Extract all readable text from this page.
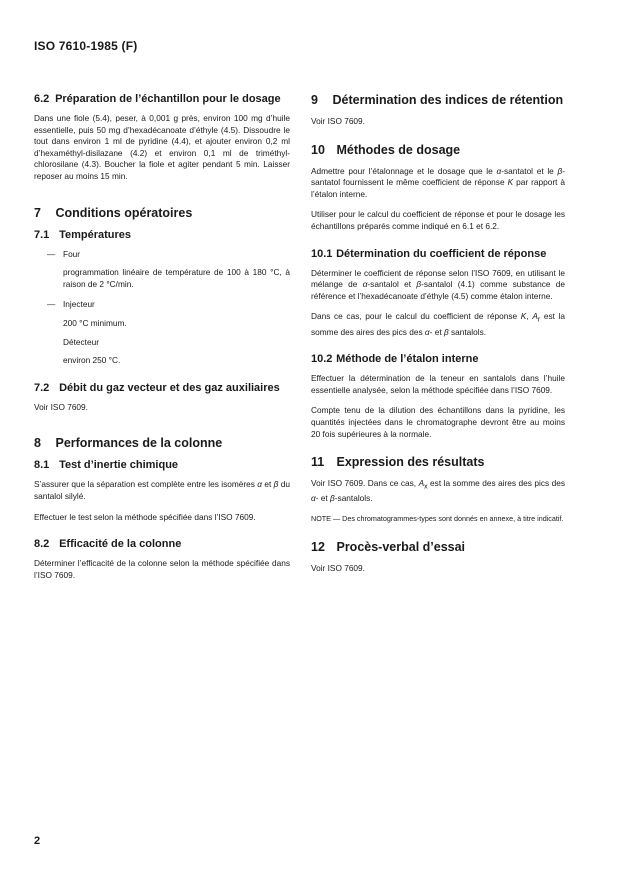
ISO 7610-1985 (F)
6.2 Préparation de l’échantillon pour le dosage

Dans une fiole (5.4), peser, à 0,001 g près, environ 100 mg d’huile essentielle, puis 50 mg d’hexadécanoate d’éthyle (4.5). Dissoudre le tout dans environ 1 ml de pyridine (4.4), et ajouter environ 0,2 ml d’hexaméthyl-disilazane (4.2) et environ 0,1 ml de triméthyl-chlorosilane (4.3). Boucher la fiole et agiter pendant 5 min. Laisser reposer au moins 15 min.

7 Conditions opératoires
7.1 Températures
— Four

programmation linéaire de température de 100 à 180 °C, à raison de 2 °C/min.

— Injecteur

200 °C minimum.

Détecteur

environ 250 °C.

7.2 Débit du gaz vecteur et des gaz auxiliaires

Voir ISO 7609.

8 Performances de la colonne
8.1 Test d’inertie chimique

S’assurer que la séparation est complète entre les isomères α et β du santalol silylé.

Effectuer le test selon la méthode spécifiée dans l’ISO 7609.

8.2 Efficacité de la colonne

Déterminer l’efficacité de la colonne selon la méthode spécifiée dans l’ISO 7609.

9 Détermination des indices de rétention

Voir ISO 7609.

10 Méthodes de dosage

Admettre pour l’étalonnage et le dosage que le α-santatol et le β-santatol fournissent le même coefficient de réponse K par rapport à l’étalon interne.

Utiliser pour le calcul du coefficient de réponse et pour le dosage les échantillons préparés comme indiqué en 6.1 et 6.2.

10.1 Détermination du coefficient de réponse

Déterminer le coefficient de réponse selon l’ISO 7609, en utilisant le mélange de α-santalol et β-santalol (4.1) comme substance de référence et l’hexadécanoate d’éthyle (4.5) comme étalon interne.

Dans ce cas, pour le calcul du coefficient de réponse K, $A_r$ est la somme des aires des pics des α- et β santalols.

10.2 Méthode de l’étalon interne

Effectuer la détermination de la teneur en santalols dans l’huile essentielle analysée, selon la méthode spécifiée dans l’ISO 7609.

Compte tenu de la dilution des échantillons dans la pyridine, les quantités injectées dans le chromatographe devront être au moins 20 fois supérieures à la normale.

11 Expression des résultats

Voir ISO 7609. Dans ce cas, $A_x$ est la somme des aires des pics des α- et β-santalols.

NOTE — Des chromatogrammes-types sont donnés en annexe, à titre indicatif.

12 Procès-verbal d’essai

Voir ISO 7609.

2
